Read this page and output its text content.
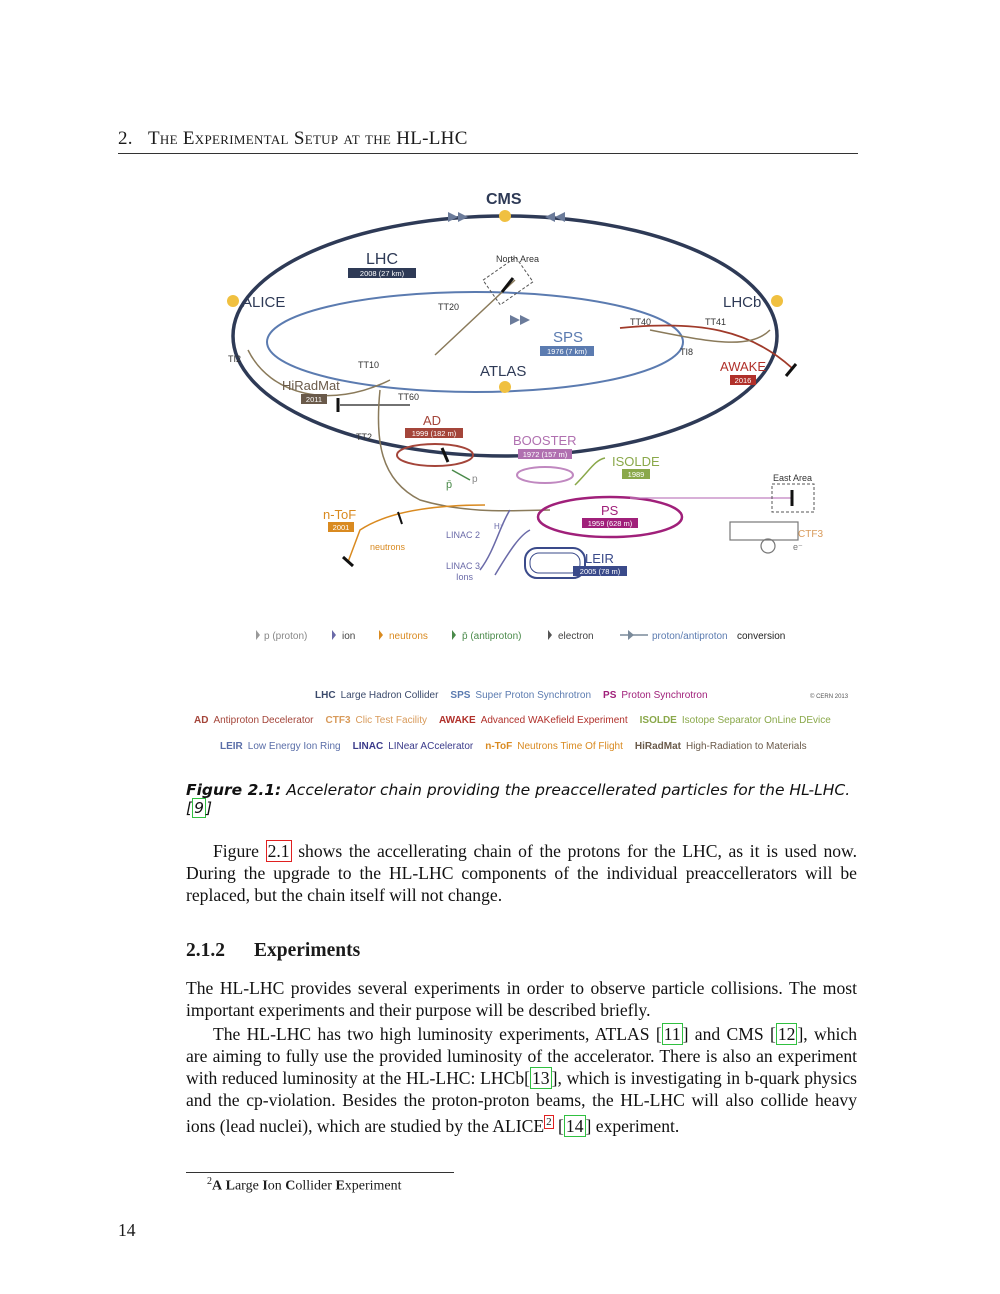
2. The Experimental Setup at the HL-LHC
CMS
LHC
2008 (27 km)
North Area
ALICE	LHCb
TT20
TT40	TT41
SPS
1976 (7 km)
TI2
TI8
TT10	ATLAS	AWAKE
2016
HiRadMat
2011	TT60
AD
1999 (182 m)
TT2	BOOSTER
1972 (157 m)	ISOLDE
1989
p̄ p	East Area
n-ToF
2001
PS
1959 (628 m)
CTF3
e⁻
LINAC 2
H⁻
neutrons
LEIR
2005 (78 m)
LINAC 3
Ions
p (proton)	ion	neutrons	p̄ (antiproton)	electron	proton/antiproton conversion
© CERN 2013
LHC Large Hadron Collider SPS Super Proton Synchrotron PS Proton Synchrotron
AD Antiproton Decelerator CTF3 Clic Test Facility AWAKE Advanced WAKefield Experiment ISOLDE Isotope Separator OnLine DEvice
LEIR Low Energy Ion Ring LINAC LINear ACcelerator n-ToF Neutrons Time Of Flight HiRadMat High-Radiation to Materials
Figure 2.1: Accelerator chain providing the preaccellerated particles for the HL-LHC. [ 9 ]
Figure 2.1 shows the accellerating chain of the protons for the LHC, as it is used now. During the upgrade to the HL-LHC components of the individual preaccellerators will be replaced, but the chain itself will not change.
2.1.2 Experiments
The HL-LHC provides several experiments in order to observe particle collisions. The most important experiments and their purpose will be described briefly.
The HL-LHC has two high luminosity experiments, ATLAS [ 11 ] and CMS [ 12 ], which are aiming to fully use the provided luminosity of the accelerator. There is also an experiment with reduced luminosity at the HL-LHC: LHCb[ 13 ], which is investigating in b-quark physics and the cp-violation. Besides the proton-proton beams, the HL-LHC will also collide heavy ions (lead nuclei), which are studied by the ALICE $^2$ [ 14 ] experiment.
$^2$A Large Ion Collider Experiment
14
